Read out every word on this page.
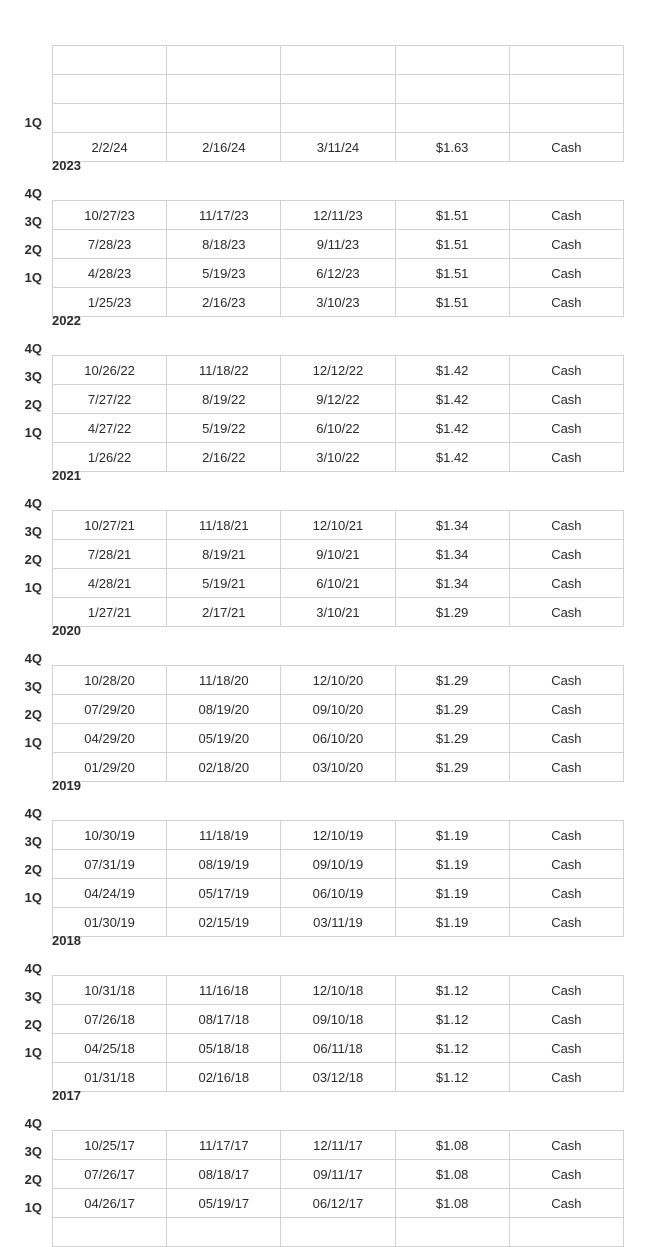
1Q
2/2/24	2/16/24	3/11/24	$1.63	Cash
2023
4Q
3Q
2Q
1Q
10/27/23	11/17/23	12/11/23	$1.51	Cash
7/28/23	8/18/23	9/11/23	$1.51	Cash
4/28/23	5/19/23	6/12/23	$1.51	Cash
1/25/23	2/16/23	3/10/23	$1.51	Cash
2022
4Q
3Q
2Q
1Q
10/26/22	11/18/22	12/12/22	$1.42	Cash
7/27/22	8/19/22	9/12/22	$1.42	Cash
4/27/22	5/19/22	6/10/22	$1.42	Cash
1/26/22	2/16/22	3/10/22	$1.42	Cash
2021
4Q
3Q
2Q
1Q
10/27/21	11/18/21	12/10/21	$1.34	Cash
7/28/21	8/19/21	9/10/21	$1.34	Cash
4/28/21	5/19/21	6/10/21	$1.34	Cash
1/27/21	2/17/21	3/10/21	$1.29	Cash
2020
4Q
3Q
2Q
1Q
10/28/20	11/18/20	12/10/20	$1.29	Cash
07/29/20	08/19/20	09/10/20	$1.29	Cash
04/29/20	05/19/20	06/10/20	$1.29	Cash
01/29/20	02/18/20	03/10/20	$1.29	Cash
2019
4Q
3Q
2Q
1Q
10/30/19	11/18/19	12/10/19	$1.19	Cash
07/31/19	08/19/19	09/10/19	$1.19	Cash
04/24/19	05/17/19	06/10/19	$1.19	Cash
01/30/19	02/15/19	03/11/19	$1.19	Cash
2018
4Q
3Q
2Q
1Q
10/31/18	11/16/18	12/10/18	$1.12	Cash
07/26/18	08/17/18	09/10/18	$1.12	Cash
04/25/18	05/18/18	06/11/18	$1.12	Cash
01/31/18	02/16/18	03/12/18	$1.12	Cash
2017
4Q
3Q
2Q
1Q
10/25/17	11/17/17	12/11/17	$1.08	Cash
07/26/17	08/18/17	09/11/17	$1.08	Cash
04/26/17	05/19/17	06/12/17	$1.08	Cash
